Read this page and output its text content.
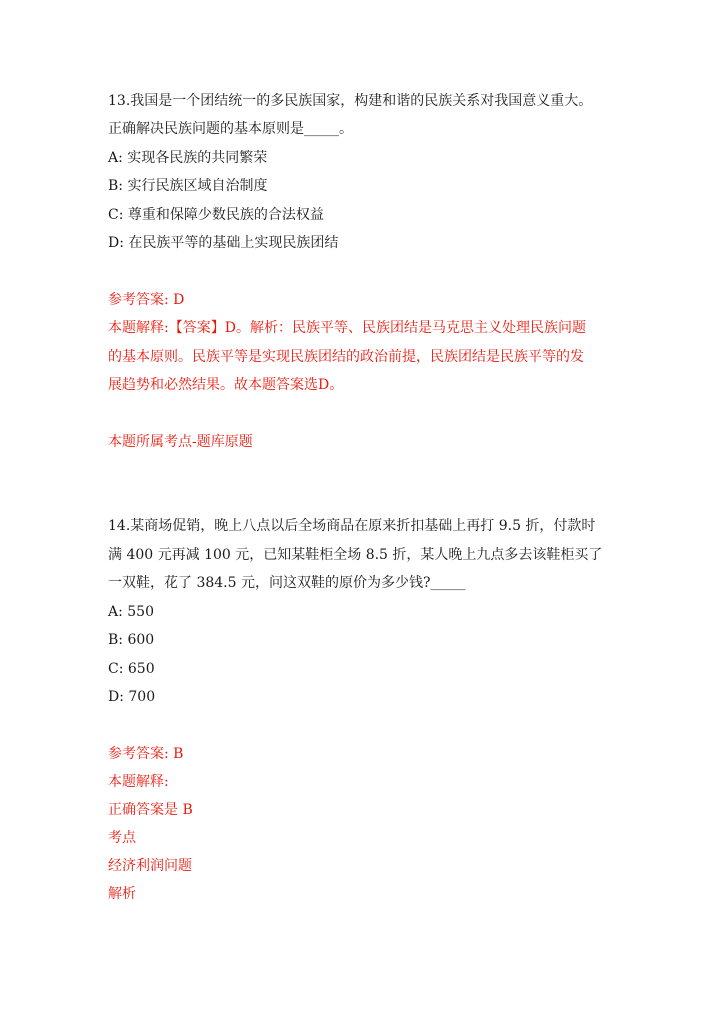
13.我国是一个团结统一的多民族国家，构建和谐的民族关系对我国意义重大。
正确解决民族问题的基本原则是_____。
A: 实现各民族的共同繁荣
B: 实行民族区域自治制度
C: 尊重和保障少数民族的合法权益
D: 在民族平等的基础上实现民族团结
参考答案: D
本题解释:【答案】D。解析：民族平等、民族团结是马克思主义处理民族问题
的基本原则。民族平等是实现民族团结的政治前提，民族团结是民族平等的发
展趋势和必然结果。故本题答案选D。
本题所属考点-题库原题
14.某商场促销，晚上八点以后全场商品在原来折扣基础上再打 9.5 折，付款时
满 400 元再减 100 元，已知某鞋柜全场 8.5 折，某人晚上九点多去该鞋柜买了
一双鞋，花了 384.5 元，问这双鞋的原价为多少钱?_____
A: 550
B: 600
C: 650
D: 700
参考答案: B
本题解释:
正确答案是 B
考点
经济利润问题
解析
